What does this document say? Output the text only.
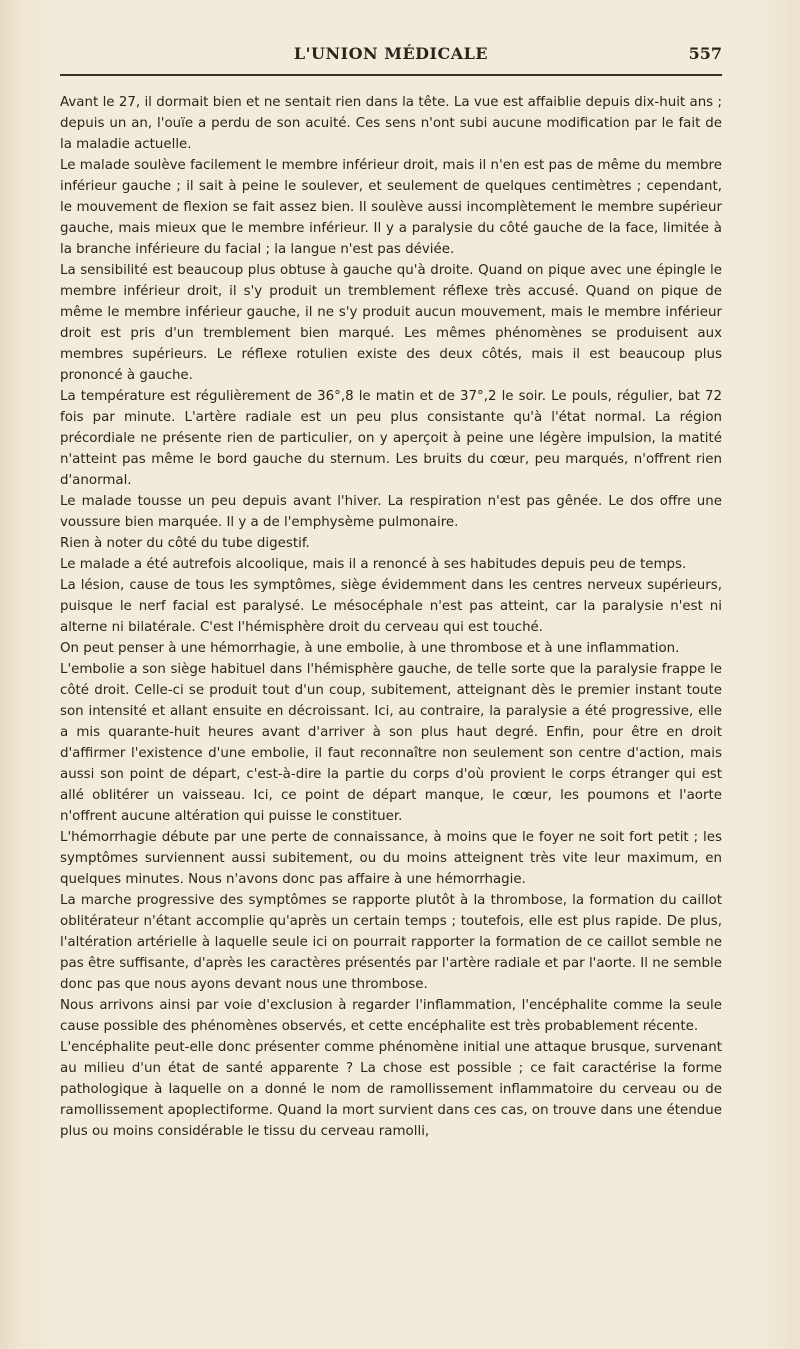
L'UNION MÉDICALE	557

Avant le 27, il dormait bien et ne sentait rien dans la tête. La vue est affaiblie depuis dix-huit ans ; depuis un an, l'ouïe a perdu de son acuité. Ces sens n'ont subi aucune modification par le fait de la maladie actuelle.

Le malade soulève facilement le membre inférieur droit, mais il n'en est pas de même du membre inférieur gauche ; il sait à peine le soulever, et seulement de quelques centimètres ; cependant, le mouvement de flexion se fait assez bien. Il soulève aussi incomplètement le membre supérieur gauche, mais mieux que le membre inférieur. Il y a paralysie du côté gauche de la face, limitée à la branche inférieure du facial ; la langue n'est pas déviée.

La sensibilité est beaucoup plus obtuse à gauche qu'à droite. Quand on pique avec une épingle le membre inférieur droit, il s'y produit un tremblement réflexe très accusé. Quand on pique de même le membre inférieur gauche, il ne s'y produit aucun mouvement, mais le membre inférieur droit est pris d'un tremblement bien marqué. Les mêmes phénomènes se produisent aux membres supérieurs. Le réflexe rotulien existe des deux côtés, mais il est beaucoup plus prononcé à gauche.

La température est régulièrement de 36°,8 le matin et de 37°,2 le soir. Le pouls, régulier, bat 72 fois par minute. L'artère radiale est un peu plus consistante qu'à l'état normal. La région précordiale ne présente rien de particulier, on y aperçoit à peine une légère impulsion, la matité n'atteint pas même le bord gauche du sternum. Les bruits du cœur, peu marqués, n'offrent rien d'anormal.

Le malade tousse un peu depuis avant l'hiver. La respiration n'est pas gênée. Le dos offre une voussure bien marquée. Il y a de l'emphysème pulmonaire.

Rien à noter du côté du tube digestif.

Le malade a été autrefois alcoolique, mais il a renoncé à ses habitudes depuis peu de temps.

La lésion, cause de tous les symptômes, siège évidemment dans les centres nerveux supérieurs, puisque le nerf facial est paralysé. Le mésocéphale n'est pas atteint, car la paralysie n'est ni alterne ni bilatérale. C'est l'hémisphère droit du cerveau qui est touché.

On peut penser à une hémorrhagie, à une embolie, à une thrombose et à une inflammation.

L'embolie a son siège habituel dans l'hémisphère gauche, de telle sorte que la paralysie frappe le côté droit. Celle-ci se produit tout d'un coup, subitement, atteignant dès le premier instant toute son intensité et allant ensuite en décroissant. Ici, au contraire, la paralysie a été progressive, elle a mis quarante-huit heures avant d'arriver à son plus haut degré. Enfin, pour être en droit d'affirmer l'existence d'une embolie, il faut reconnaître non seulement son centre d'action, mais aussi son point de départ, c'est-à-dire la partie du corps d'où provient le corps étranger qui est allé oblitérer un vaisseau. Ici, ce point de départ manque, le cœur, les poumons et l'aorte n'offrent aucune altération qui puisse le constituer.

L'hémorrhagie débute par une perte de connaissance, à moins que le foyer ne soit fort petit ; les symptômes surviennent aussi subitement, ou du moins atteignent très vite leur maximum, en quelques minutes. Nous n'avons donc pas affaire à une hémorrhagie.

La marche progressive des symptômes se rapporte plutôt à la thrombose, la formation du caillot oblitérateur n'étant accomplie qu'après un certain temps ; toutefois, elle est plus rapide. De plus, l'altération artérielle à laquelle seule ici on pourrait rapporter la formation de ce caillot semble ne pas être suffisante, d'après les caractères présentés par l'artère radiale et par l'aorte. Il ne semble donc pas que nous ayons devant nous une thrombose.

Nous arrivons ainsi par voie d'exclusion à regarder l'inflammation, l'encéphalite comme la seule cause possible des phénomènes observés, et cette encéphalite est très probablement récente.

L'encéphalite peut-elle donc présenter comme phénomène initial une attaque brusque, survenant au milieu d'un état de santé apparente ? La chose est possible ; ce fait caractérise la forme pathologique à laquelle on a donné le nom de ramollissement inflammatoire du cerveau ou de ramollissement apoplectiforme. Quand la mort survient dans ces cas, on trouve dans une étendue plus ou moins considérable le tissu du cerveau ramolli,
